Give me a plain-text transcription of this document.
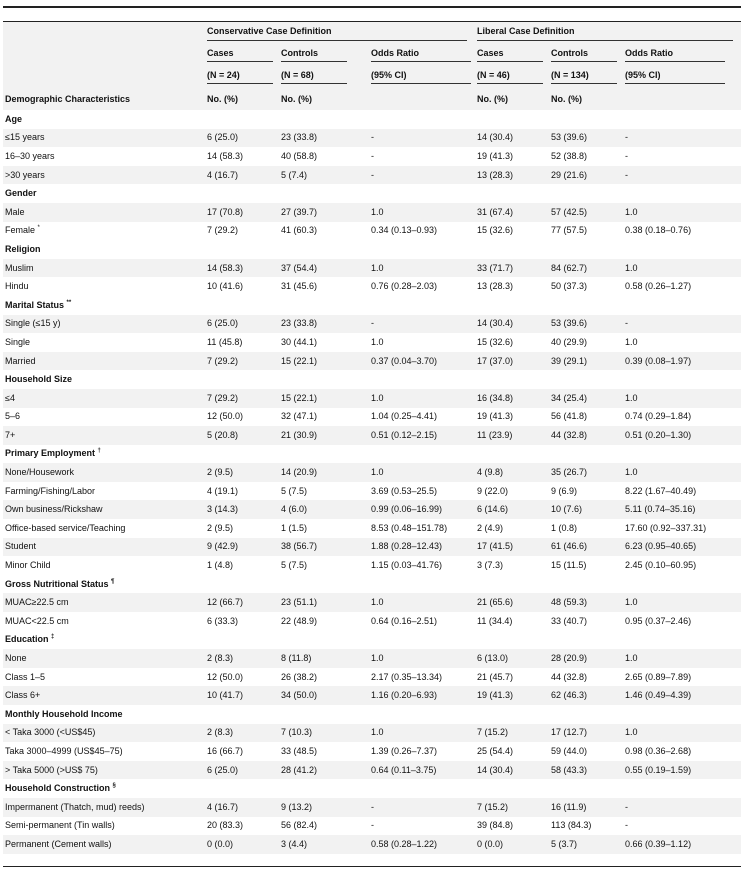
	Conservative Case Definition			Liberal Case Definition		

	Cases	Controls	Odds Ratio	Cases	Controls	Odds Ratio
	(N = 24)	(N = 68)	(95% CI)	(N = 46)	(N = 134)	(95% CI)
Demographic Characteristics	No. (%)	No. (%)		No. (%)	No. (%)	
Age						
≤15 years	6 (25.0)	23 (33.8)	-	14 (30.4)	53 (39.6)	-
16–30 years	14 (58.3)	40 (58.8)	-	19 (41.3)	52 (38.8)	-
>30 years	4 (16.7)	5 (7.4)	-	13 (28.3)	29 (21.6)	-
Gender						
Male	17 (70.8)	27 (39.7)	1.0	31 (67.4)	57 (42.5)	1.0
Female *	7 (29.2)	41 (60.3)	0.34 (0.13–0.93)	15 (32.6)	77 (57.5)	0.38 (0.18–0.76)
Religion						
Muslim	14 (58.3)	37 (54.4)	1.0	33 (71.7)	84 (62.7)	1.0
Hindu	10 (41.6)	31 (45.6)	0.76 (0.28–2.03)	13 (28.3)	50 (37.3)	0.58 (0.26–1.27)
Marital Status **
Single (≤15 y)	6 (25.0)	23 (33.8)	-	14 (30.4)	53 (39.6)	-
Single	11 (45.8)	30 (44.1)	1.0	15 (32.6)	40 (29.9)	1.0
Married	7 (29.2)	15 (22.1)	0.37 (0.04–3.70)	17 (37.0)	39 (29.1)	0.39 (0.08–1.97)
Household Size						
≤4	7 (29.2)	15 (22.1)	1.0	16 (34.8)	34 (25.4)	1.0
5–6	12 (50.0)	32 (47.1)	1.04 (0.25–4.41)	19 (41.3)	56 (41.8)	0.74 (0.29–1.84)
7+	5 (20.8)	21 (30.9)	0.51 (0.12–2.15)	11 (23.9)	44 (32.8)	0.51 (0.20–1.30)
Primary Employment †
None/Housework	2 (9.5)	14 (20.9)	1.0	4 (9.8)	35 (26.7)	1.0
Farming/Fishing/Labor	4 (19.1)	5 (7.5)	3.69 (0.53–25.5)	9 (22.0)	9 (6.9)	8.22 (1.67–40.49)
Own business/Rickshaw	3 (14.3)	4 (6.0)	0.99 (0.06–16.99)	6 (14.6)	10 (7.6)	5.11 (0.74–35.16)
Office-based service/Teaching	2 (9.5)	1 (1.5)	8.53 (0.48–151.78)	2 (4.9)	1 (0.8)	17.60 (0.92–337.31)
Student	9 (42.9)	38 (56.7)	1.88 (0.28–12.43)	17 (41.5)	61 (46.6)	6.23 (0.95–40.65)
Minor Child	1 (4.8)	5 (7.5)	1.15 (0.03–41.76)	3 (7.3)	15 (11.5)	2.45 (0.10–60.95)
Gross Nutritional Status ¶
MUAC≥22.5 cm	12 (66.7)	23 (51.1)	1.0	21 (65.6)	48 (59.3)	1.0
MUAC<22.5 cm	6 (33.3)	22 (48.9)	0.64 (0.16–2.51)	11 (34.4)	33 (40.7)	0.95 (0.37–2.46)
Education ‡
None	2 (8.3)	8 (11.8)	1.0	6 (13.0)	28 (20.9)	1.0
Class 1–5	12 (50.0)	26 (38.2)	2.17 (0.35–13.34)	21 (45.7)	44 (32.8)	2.65 (0.89–7.89)
Class 6+	10 (41.7)	34 (50.0)	1.16 (0.20–6.93)	19 (41.3)	62 (46.3)	1.46 (0.49–4.39)
Monthly Household Income						
< Taka 3000 (<US$45)	2 (8.3)	7 (10.3)	1.0	7 (15.2)	17 (12.7)	1.0
Taka 3000–4999 (US$45–75)	16 (66.7)	33 (48.5)	1.39 (0.26–7.37)	25 (54.4)	59 (44.0)	0.98 (0.36–2.68)
> Taka 5000 (>US$ 75)	6 (25.0)	28 (41.2)	0.64 (0.11–3.75)	14 (30.4)	58 (43.3)	0.55 (0.19–1.59)
Household Construction §
Impermanent (Thatch, mud) reeds)	4 (16.7)	9 (13.2)	-	7 (15.2)	16 (11.9)	-
Semi-permanent (Tin walls)	20 (83.3)	56 (82.4)	-	39 (84.8)	113 (84.3)	-
Permanent (Cement walls)	0 (0.0)	3 (4.4)	0.58 (0.28–1.22)	0 (0.0)	5 (3.7)	0.66 (0.39–1.12)
